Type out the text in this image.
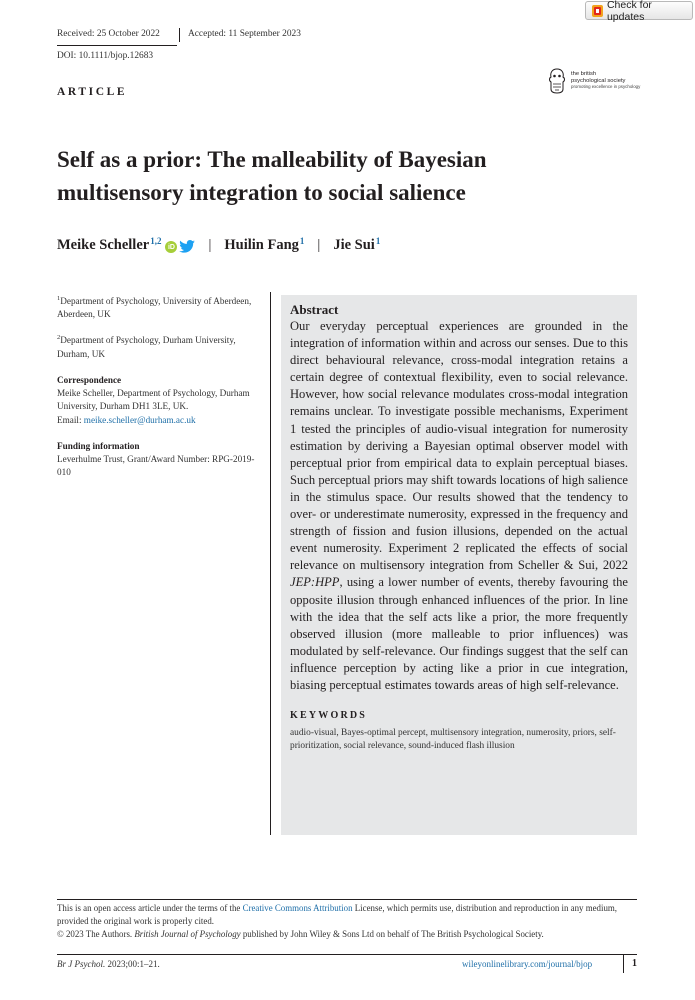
Check for updates
Received: 25 October 2022	Accepted: 11 September 2023
DOI: 10.1111/bjop.12683
ARTICLE
the british
psychological society
promoting excellence in psychology
Self as a prior: The malleability of Bayesian
multisensory integration to social salience
Meike Scheller$^{1,2}$
iD | Huilin Fang$^1$ | Jie Sui$^1$

$^1$Department of Psychology, University of Aberdeen, Aberdeen, UK

$^2$Department of Psychology, Durham University, Durham, UK

Correspondence

Meike Scheller, Department of Psychology, Durham University, Durham DH1 3LE, UK.
Email: meike.scheller@durham.ac.uk

Funding information

Leverhulme Trust, Grant/Award Number: RPG-2019-010

Abstract
Our everyday perceptual experiences are grounded in the integration of information within and across our senses. Due to this direct behavioural relevance, cross-modal integration retains a certain degree of contextual flexibility, even to social relevance. However, how social relevance modulates cross-modal integration remains unclear. To investigate possible mechanisms, Experiment 1 tested the principles of audio-visual integration for numerosity estimation by deriving a Bayesian optimal observer model with perceptual prior from empirical data to explain perceptual biases. Such perceptual priors may shift towards locations of high salience in the stimulus space. Our results showed that the tendency to over- or underestimate numerosity, expressed in the frequency and strength of fission and fusion illusions, depended on the actual event numerosity. Experiment 2 replicated the effects of social relevance on multisensory integration from Scheller & Sui, 2022 JEP:HPP, using a lower number of events, thereby favouring the opposite illusion through enhanced influences of the prior. In line with the idea that the self acts like a prior, the more frequently observed illusion (more malleable to prior influences) was modulated by self-relevance. Our findings suggest that the self can influence perception by acting like a prior in cue integration, biasing perceptual estimates towards areas of high self-relevance.
KEYWORDS
audio-visual, Bayes-optimal percept, multisensory integration, numerosity, priors, self-prioritization, social relevance, sound-induced flash illusion
This is an open access article under the terms of the Creative Commons Attribution License, which permits use, distribution and reproduction in any medium, provided the original work is properly cited.
© 2023 The Authors. British Journal of Psychology published by John Wiley & Sons Ltd on behalf of The British Psychological Society.
Br J Psychol. 2023;00:1–21.	wileyonlinelibrary.com/journal/bjop	1
